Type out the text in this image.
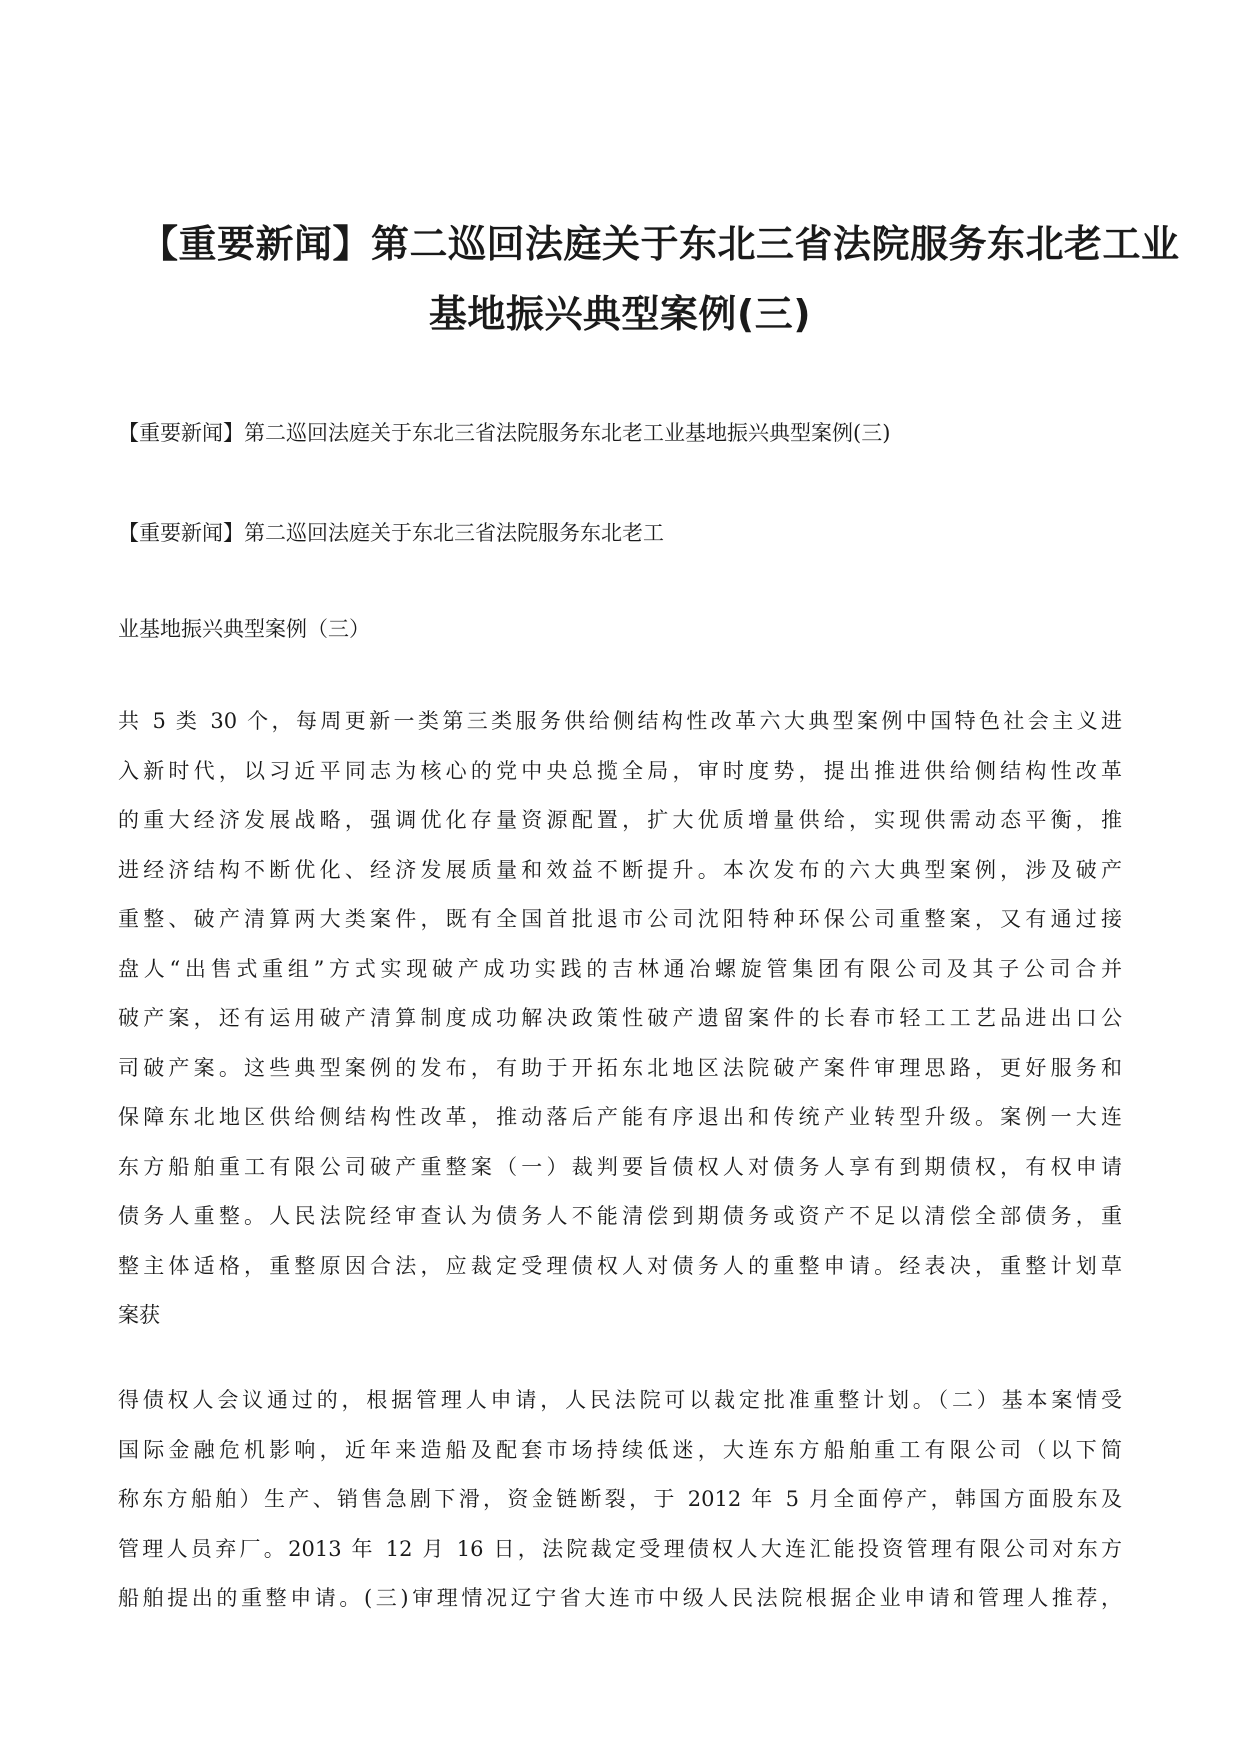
【重要新闻】第二巡回法庭关于东北三省法院服务东北老工业
基地振兴典型案例(三)
【重要新闻】第二巡回法庭关于东北三省法院服务东北老工业基地振兴典型案例(三)
【重要新闻】第二巡回法庭关于东北三省法院服务东北老工
业基地振兴典型案例（三）
共 5 类 30 个，每周更新一类第三类服务供给侧结构性改革六大典型案例中国特色社会主义进
入新时代，以习近平同志为核心的党中央总揽全局，审时度势，提出推进供给侧结构性改革
的重大经济发展战略，强调优化存量资源配置，扩大优质增量供给，实现供需动态平衡，推
进经济结构不断优化、经济发展质量和效益不断提升。本次发布的六大典型案例，涉及破产
重整、破产清算两大类案件，既有全国首批退市公司沈阳特种环保公司重整案，又有通过接
盘人“出售式重组”方式实现破产成功实践的吉林通冶螺旋管集团有限公司及其子公司合并
破产案，还有运用破产清算制度成功解决政策性破产遗留案件的长春市轻工工艺品进出口公
司破产案。这些典型案例的发布，有助于开拓东北地区法院破产案件审理思路，更好服务和
保障东北地区供给侧结构性改革，推动落后产能有序退出和传统产业转型升级。案例一大连
东方船舶重工有限公司破产重整案（一）裁判要旨债权人对债务人享有到期债权，有权申请
债务人重整。人民法院经审查认为债务人不能清偿到期债务或资产不足以清偿全部债务，重
整主体适格，重整原因合法，应裁定受理债权人对债务人的重整申请。经表决，重整计划草
案获
得债权人会议通过的，根据管理人申请，人民法院可以裁定批准重整计划。（二）基本案情受
国际金融危机影响，近年来造船及配套市场持续低迷，大连东方船舶重工有限公司（以下简
称东方船舶）生产、销售急剧下滑，资金链断裂，于 2012 年 5 月全面停产，韩国方面股东及
管理人员弃厂。2013 年 12 月 16 日，法院裁定受理债权人大连汇能投资管理有限公司对东方
船舶提出的重整申请。(三)审理情况辽宁省大连市中级人民法院根据企业申请和管理人推荐，
